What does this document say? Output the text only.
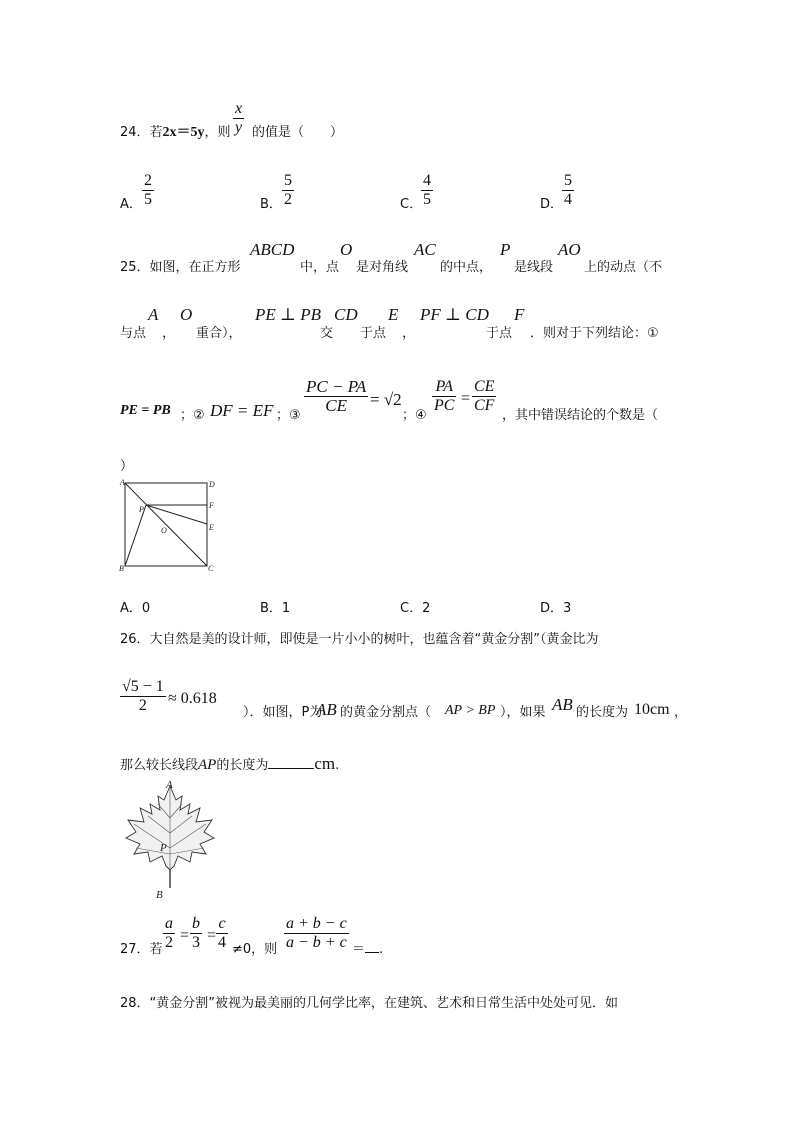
24．若2x＝5y，则
x
y 的值是（　　）
A．
2
5	B．
5
2	C．
4
5	D．
5
4
25．如图，在正方形
ABCD
中，点
O
是对角线
AC
的中点，
P
是线段
AO
上的动点（不
与点
A
，
O
重合），
PE ⊥ PB
交
CD
于点
E
，
PF ⊥ CD
于点
F
．则对于下列结论：①
PE = PB ；② DF = EF ；③
PC − PA
CE = √2
；④
PA
PC =
CE
CF
，其中错误结论的个数是（
）
A	D
F
P
O	E
B	C
A．0	B．1	C．2	D．3
26．大自然是美的设计师，即使是一片小小的树叶，也蕴含着“黄金分割”（黄金比为
√5 − 1
2 ≈ 0.618
）．如图，P为
AB 的黄金分割点（ AP > BP ），如果 AB 的长度为 10cm ，
那么较长线段AP的长度为	cm.
A
P
B
27．若
a
2 =
b
3 =
c
4 ≠0，则
a + b − c
a − b + c ＝ .
28．“黄金分割”被视为最美丽的几何学比率，在建筑、艺术和日常生活中处处可见．如
